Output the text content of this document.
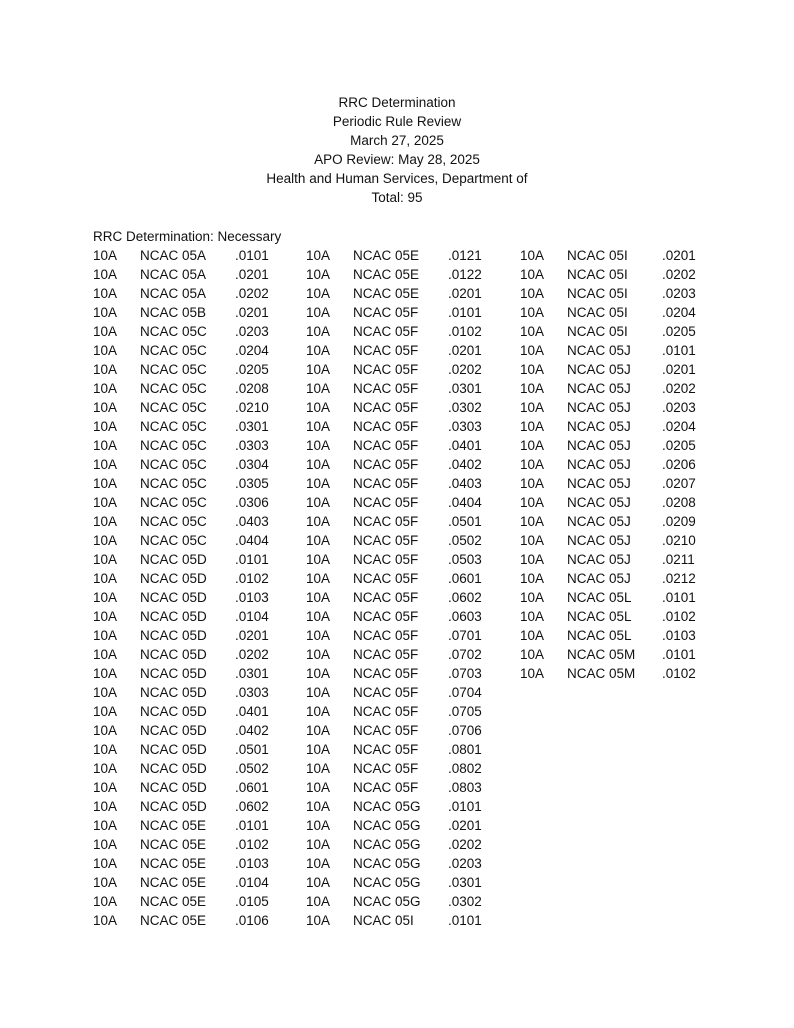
RRC Determination
Periodic Rule Review
March 27, 2025
APO Review: May 28, 2025
Health and Human Services, Department of
Total: 95
RRC Determination: Necessary
10A NCAC 05A .0101
10A NCAC 05A .0201
10A NCAC 05A .0202
10A NCAC 05B .0201
10A NCAC 05C .0203
10A NCAC 05C .0204
10A NCAC 05C .0205
10A NCAC 05C .0208
10A NCAC 05C .0210
10A NCAC 05C .0301
10A NCAC 05C .0303
10A NCAC 05C .0304
10A NCAC 05C .0305
10A NCAC 05C .0306
10A NCAC 05C .0403
10A NCAC 05C .0404
10A NCAC 05D .0101
10A NCAC 05D .0102
10A NCAC 05D .0103
10A NCAC 05D .0104
10A NCAC 05D .0201
10A NCAC 05D .0202
10A NCAC 05D .0301
10A NCAC 05D .0303
10A NCAC 05D .0401
10A NCAC 05D .0402
10A NCAC 05D .0501
10A NCAC 05D .0502
10A NCAC 05D .0601
10A NCAC 05D .0602
10A NCAC 05E .0101
10A NCAC 05E .0102
10A NCAC 05E .0103
10A NCAC 05E .0104
10A NCAC 05E .0105
10A NCAC 05E .0106
10A NCAC 05E .0121
10A NCAC 05E .0122
10A NCAC 05E .0201
10A NCAC 05F .0101
10A NCAC 05F .0102
10A NCAC 05F .0201
10A NCAC 05F .0202
10A NCAC 05F .0301
10A NCAC 05F .0302
10A NCAC 05F .0303
10A NCAC 05F .0401
10A NCAC 05F .0402
10A NCAC 05F .0403
10A NCAC 05F .0404
10A NCAC 05F .0501
10A NCAC 05F .0502
10A NCAC 05F .0503
10A NCAC 05F .0601
10A NCAC 05F .0602
10A NCAC 05F .0603
10A NCAC 05F .0701
10A NCAC 05F .0702
10A NCAC 05F .0703
10A NCAC 05F .0704
10A NCAC 05F .0705
10A NCAC 05F .0706
10A NCAC 05F .0801
10A NCAC 05F .0802
10A NCAC 05F .0803
10A NCAC 05G .0101
10A NCAC 05G .0201
10A NCAC 05G .0202
10A NCAC 05G .0203
10A NCAC 05G .0301
10A NCAC 05G .0302
10A NCAC 05I	.0101
10A NCAC 05I	.0201
10A NCAC 05I	.0202
10A NCAC 05I	.0203
10A NCAC 05I	.0204
10A NCAC 05I	.0205
10A NCAC 05J .0101
10A NCAC 05J .0201
10A NCAC 05J .0202
10A NCAC 05J .0203
10A NCAC 05J .0204
10A NCAC 05J .0205
10A NCAC 05J .0206
10A NCAC 05J .0207
10A NCAC 05J .0208
10A NCAC 05J .0209
10A NCAC 05J .0210
10A NCAC 05J .0211
10A NCAC 05J .0212
10A NCAC 05L .0101
10A NCAC 05L .0102
10A NCAC 05L .0103
10A NCAC 05M .0101
10A NCAC 05M .0102
